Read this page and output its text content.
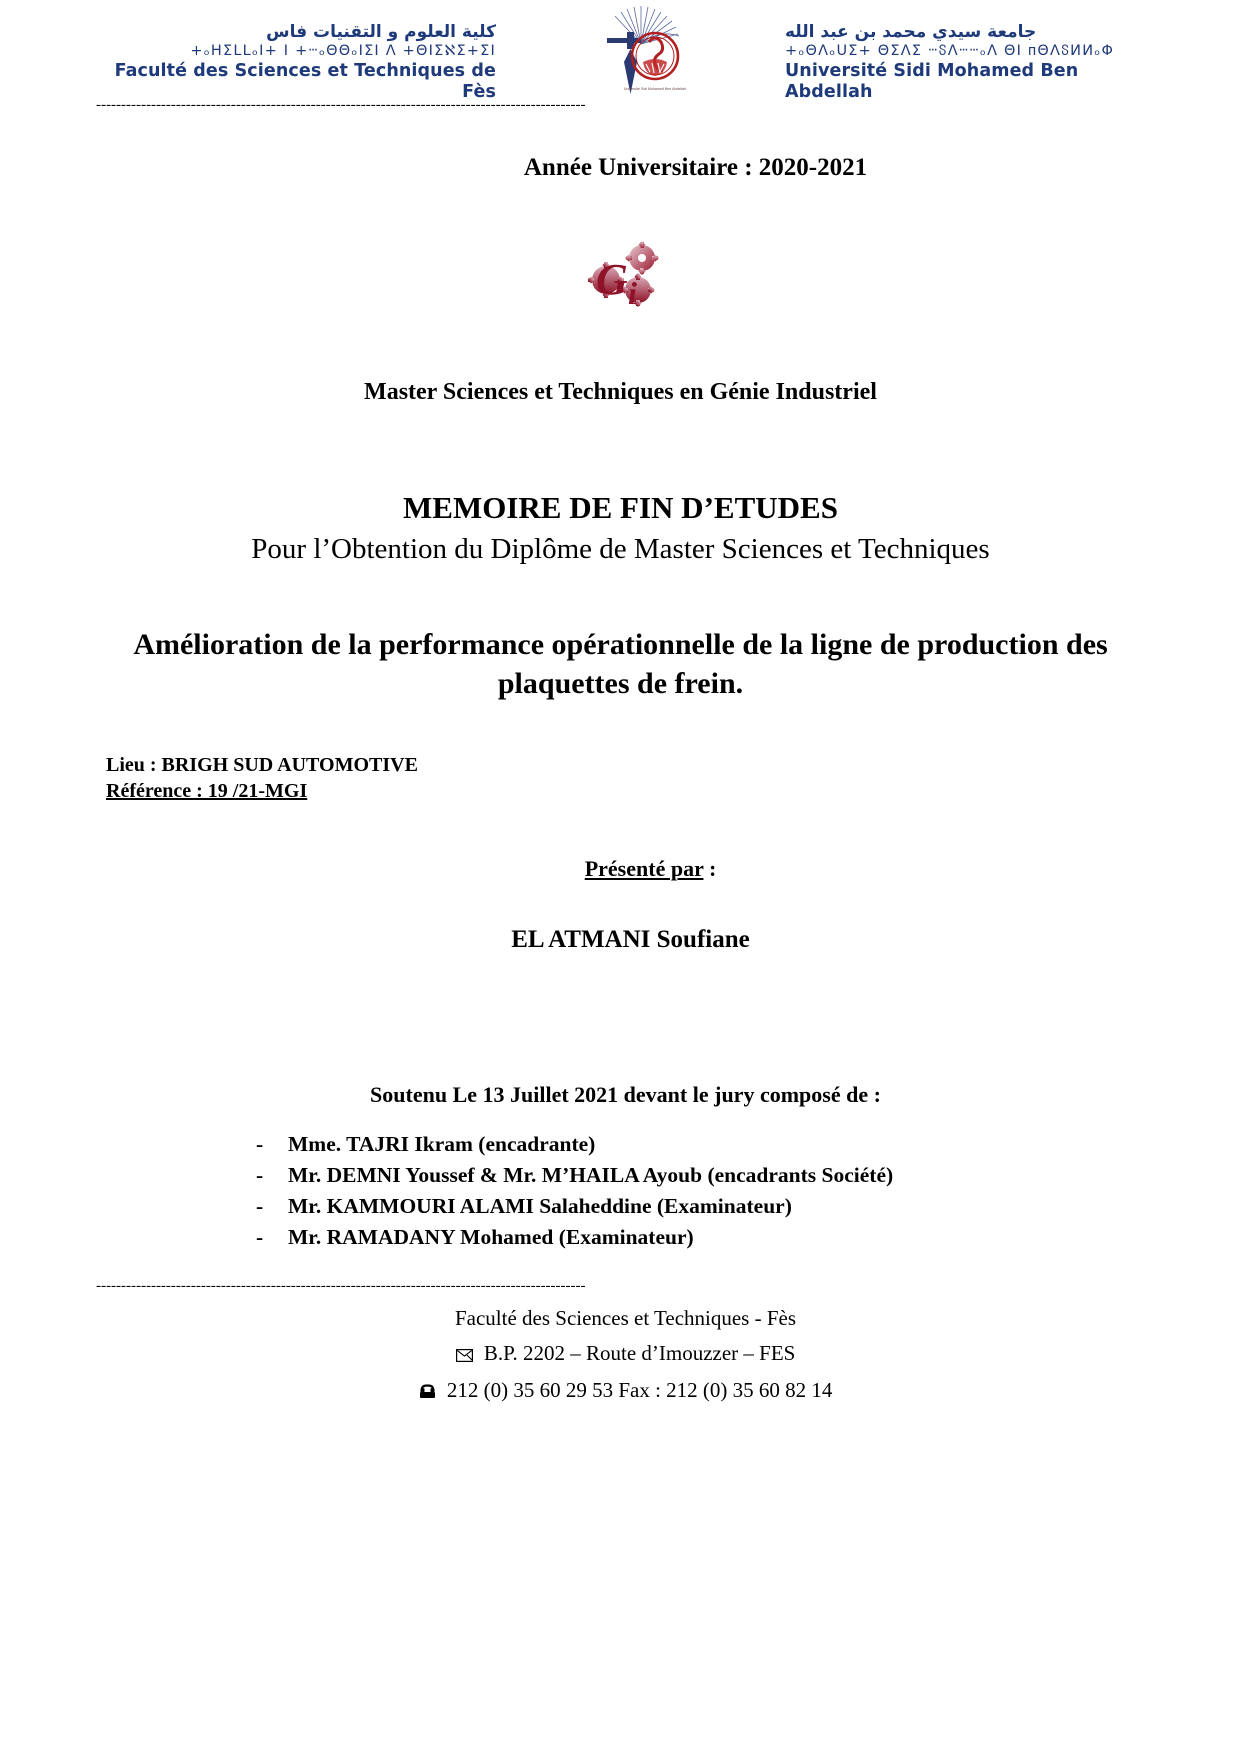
كلية العلوم و التقنيات فاس
+ₒᕼΣLLₒI+ I +ⵈₒΘΘₒIΣI Λ +ΘIΣℵΣ+ΣI
Faculté des Sciences et Techniques de Fès	Université Sidi Mohamed Ben Abdellah
جامعة سيدي محمد بن عبد الله
+ₒΘΛₒUΣ+ ΘΣΛΣ ⵈჽΛⵈⵈₒΛ ΘI ᴨΘΛჽИИₒΦ
Université Sidi Mohamed Ben Abdellah
--------------------------------------------------------------------------------------------------
Année Universitaire : 2020-2021
G i
Master Sciences et Techniques en Génie Industriel
MEMOIRE DE FIN D’ETUDES
Pour l’Obtention du Diplôme de Master Sciences et Techniques
Amélioration de la performance opérationnelle de la ligne de production des plaquettes de frein.
Lieu : BRIGH SUD AUTOMOTIVE
Référence : 19 /21-MGI
Présenté par :
EL ATMANI Soufiane
Soutenu Le 13 Juillet 2021 devant le jury composé de :
-	Mme. TAJRI Ikram (encadrante)
-	Mr. DEMNI Youssef & Mr. M’HAILA Ayoub (encadrants Société)
-	Mr. KAMMOURI ALAMI Salaheddine (Examinateur)
-	Mr. RAMADANY Mohamed (Examinateur)
--------------------------------------------------------------------------------------------------
Faculté des Sciences et Techniques - Fès
B.P. 2202 – Route d’Imouzzer – FES
212 (0) 35 60 29 53 Fax : 212 (0) 35 60 82 14
